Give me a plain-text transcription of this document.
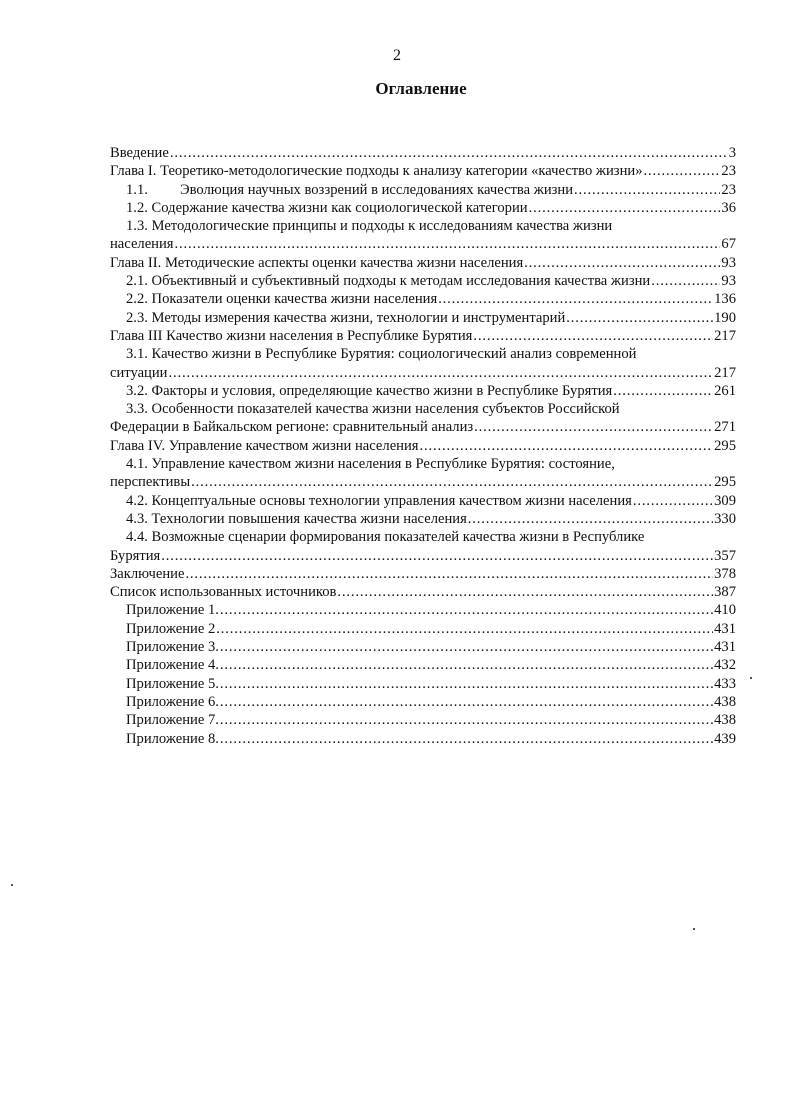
2
Оглавление
Введение . . .	3
Глава I. Теоретико-методологические подходы к анализу категории «качество жизни» . . .	23
1.1.	Эволюция научных воззрений в исследованиях качества жизни . . .	23
1.2. Содержание качества жизни как социологической категории . . .	36
1.3. Методологические принципы и подходы к исследованиям качества жизни
населения . . .	67
Глава II. Методические аспекты оценки качества жизни населения . . .	93
2.1. Объективный и субъективный подходы к методам исследования качества жизни . . .	93
2.2. Показатели оценки качества жизни населения . . .	136
2.3. Методы измерения качества жизни, технологии и инструментарий . . .	190
Глава III Качество жизни населения в Республике Бурятия . . .	217
3.1. Качество жизни в Республике Бурятия: социологический анализ современной
ситуации . . .	217
3.2. Факторы и условия, определяющие качество жизни в Республике Бурятия . . .	261
3.3. Особенности показателей качества жизни населения субъектов Российской
Федерации в Байкальском регионе: сравнительный анализ . . .	271
Глава IV. Управление качеством жизни населения . . .	295
4.1. Управление качеством жизни населения в Республике Бурятия: состояние,
перспективы . . .	295
4.2. Концептуальные основы технологии управления качеством жизни населения . . .	309
4.3. Технологии повышения качества жизни населения . . .	330
4.4. Возможные сценарии формирования показателей качества жизни в Республике
Бурятия . . .	357
Заключение . . .	378
Список использованных источников . . .	387
Приложение 1. . . .	410
Приложение 2 . . .	431
Приложение 3. . . .	431
Приложение 4. . . .	432
Приложение 5. . . .	433
Приложение 6. . . .	438
Приложение 7. . . .	438
Приложение 8. . . .	439
